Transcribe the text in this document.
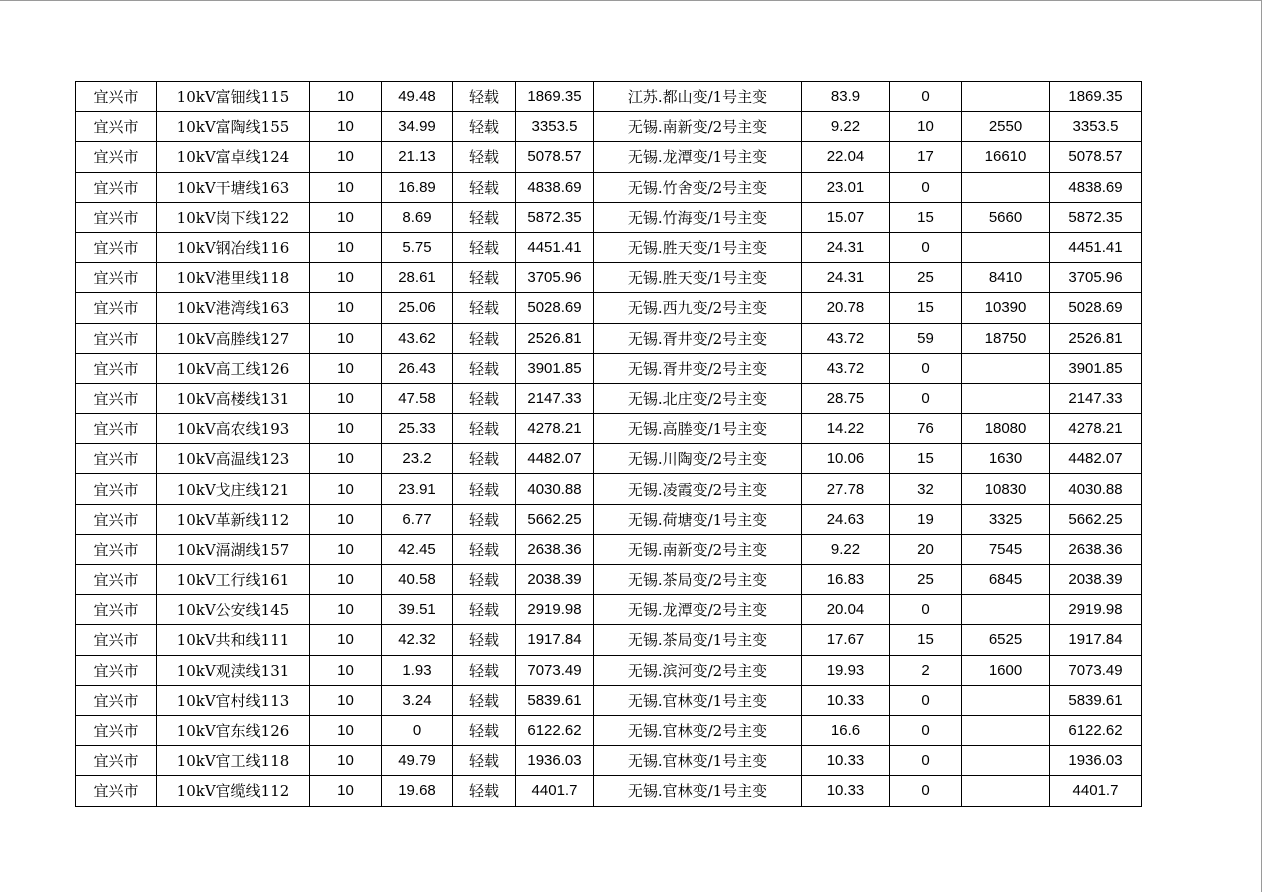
宜兴市	10kV富钿线115	10	49.48	轻载	1869.35	江苏.都山变/1号主变	83.9	0		1869.35
宜兴市	10kV富陶线155	10	34.99	轻载	3353.5	无锡.南新变/2号主变	9.22	10	2550	3353.5
宜兴市	10kV富卓线124	10	21.13	轻载	5078.57	无锡.龙潭变/1号主变	22.04	17	16610	5078.57
宜兴市	10kV干塘线163	10	16.89	轻载	4838.69	无锡.竹舍变/2号主变	23.01	0		4838.69
宜兴市	10kV岗下线122	10	8.69	轻载	5872.35	无锡.竹海变/1号主变	15.07	15	5660	5872.35
宜兴市	10kV钢冶线116	10	5.75	轻载	4451.41	无锡.胜天变/1号主变	24.31	0		4451.41
宜兴市	10kV港里线118	10	28.61	轻载	3705.96	无锡.胜天变/1号主变	24.31	25	8410	3705.96
宜兴市	10kV港湾线163	10	25.06	轻载	5028.69	无锡.西九变/2号主变	20.78	15	10390	5028.69
宜兴市	10kV高塍线127	10	43.62	轻载	2526.81	无锡.胥井变/2号主变	43.72	59	18750	2526.81
宜兴市	10kV高工线126	10	26.43	轻载	3901.85	无锡.胥井变/2号主变	43.72	0		3901.85
宜兴市	10kV高楼线131	10	47.58	轻载	2147.33	无锡.北庄变/2号主变	28.75	0		2147.33
宜兴市	10kV高农线193	10	25.33	轻载	4278.21	无锡.高塍变/1号主变	14.22	76	18080	4278.21
宜兴市	10kV高温线123	10	23.2	轻载	4482.07	无锡.川陶变/2号主变	10.06	15	1630	4482.07
宜兴市	10kV戈庄线121	10	23.91	轻载	4030.88	无锡.凌霞变/2号主变	27.78	32	10830	4030.88
宜兴市	10kV革新线112	10	6.77	轻载	5662.25	无锡.荷塘变/1号主变	24.63	19	3325	5662.25
宜兴市	10kV滆湖线157	10	42.45	轻载	2638.36	无锡.南新变/2号主变	9.22	20	7545	2638.36
宜兴市	10kV工行线161	10	40.58	轻载	2038.39	无锡.茶局变/2号主变	16.83	25	6845	2038.39
宜兴市	10kV公安线145	10	39.51	轻载	2919.98	无锡.龙潭变/2号主变	20.04	0		2919.98
宜兴市	10kV共和线111	10	42.32	轻载	1917.84	无锡.茶局变/1号主变	17.67	15	6525	1917.84
宜兴市	10kV观渎线131	10	1.93	轻载	7073.49	无锡.滨河变/2号主变	19.93	2	1600	7073.49
宜兴市	10kV官村线113	10	3.24	轻载	5839.61	无锡.官林变/1号主变	10.33	0		5839.61
宜兴市	10kV官东线126	10	0	轻载	6122.62	无锡.官林变/2号主变	16.6	0		6122.62
宜兴市	10kV官工线118	10	49.79	轻载	1936.03	无锡.官林变/1号主变	10.33	0		1936.03
宜兴市	10kV官缆线112	10	19.68	轻载	4401.7	无锡.官林变/1号主变	10.33	0		4401.7
